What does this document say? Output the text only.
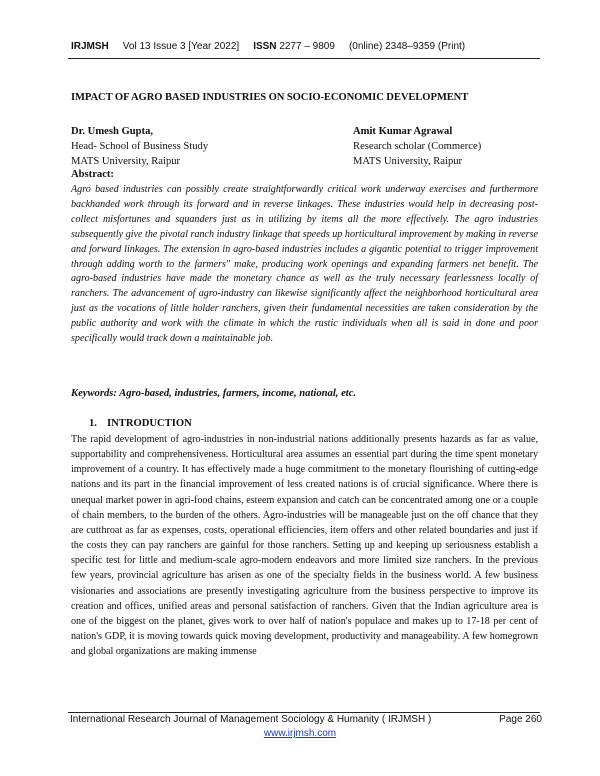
IRJMSH Vol 13 Issue 3 [Year 2022] ISSN 2277 – 9809 (0nline) 2348–9359 (Print)
IMPACT OF AGRO BASED INDUSTRIES ON SOCIO-ECONOMIC DEVELOPMENT
Dr. Umesh Gupta,
Head- School of Business Study
MATS University, Raipur
Amit Kumar Agrawal
Research scholar (Commerce)
MATS University, Raipur
Abstract:

Agro based industries can possibly create straightforwardly critical work underway exercises and furthermore backhanded work through its forward and in reverse linkages. These industries would help in decreasing post-collect misfortunes and squanders just as in utilizing by items all the more effectively. The agro industries subsequently give the pivotal ranch industry linkage that speeds up horticultural improvement by making in reverse and forward linkages. The extension in agro-based industries includes a gigantic potential to trigger improvement through adding worth to the farmers" make, producing work openings and expanding farmers net benefit. The agro-based industries have made the monetary chance as well as the truly necessary fearlessness locally of ranchers. The advancement of agro-industry can likewise significantly affect the neighborhood horticultural area just as the vocations of little holder ranchers, given their fundamental necessities are taken consideration by the public authority and work with the climate in which the rustic individuals when all is said in done and poor specifically would track down a maintainable job.

Keywords: Agro-based, industries, farmers, income, national, etc.
1. INTRODUCTION

The rapid development of agro-industries in non-industrial nations additionally presents hazards as far as value, supportability and comprehensiveness. Horticultural area assumes an essential part during the time spent monetary improvement of a country. It has effectively made a huge commitment to the monetary flourishing of cutting-edge nations and its part in the financial improvement of less created nations is of crucial significance. Where there is unequal market power in agri-food chains, esteem expansion and catch can be concentrated among one or a couple of chain members, to the burden of the others. Agro-industries will be manageable just on the off chance that they are cutthroat as far as expenses, costs, operational efficiencies, item offers and other related boundaries and just if the costs they can pay ranchers are gainful for those ranchers. Setting up and keeping up seriousness establish a specific test for little and medium-scale agro-modern endeavors and more limited size ranchers. In the previous few years, provincial agriculture has arisen as one of the specialty fields in the business world. A few business visionaries and associations are presently investigating agriculture from the business perspective to improve its creation and offices, unified areas and personal satisfaction of ranchers. Given that the Indian agriculture area is one of the biggest on the planet, gives work to over half of nation's populace and makes up to 17-18 per cent of nation's GDP, it is moving towards quick moving development, productivity and manageability. A few homegrown and global organizations are making immense

International Research Journal of Management Sociology & Humanity ( IRJMSH )	Page 260
www.irjmsh.com
